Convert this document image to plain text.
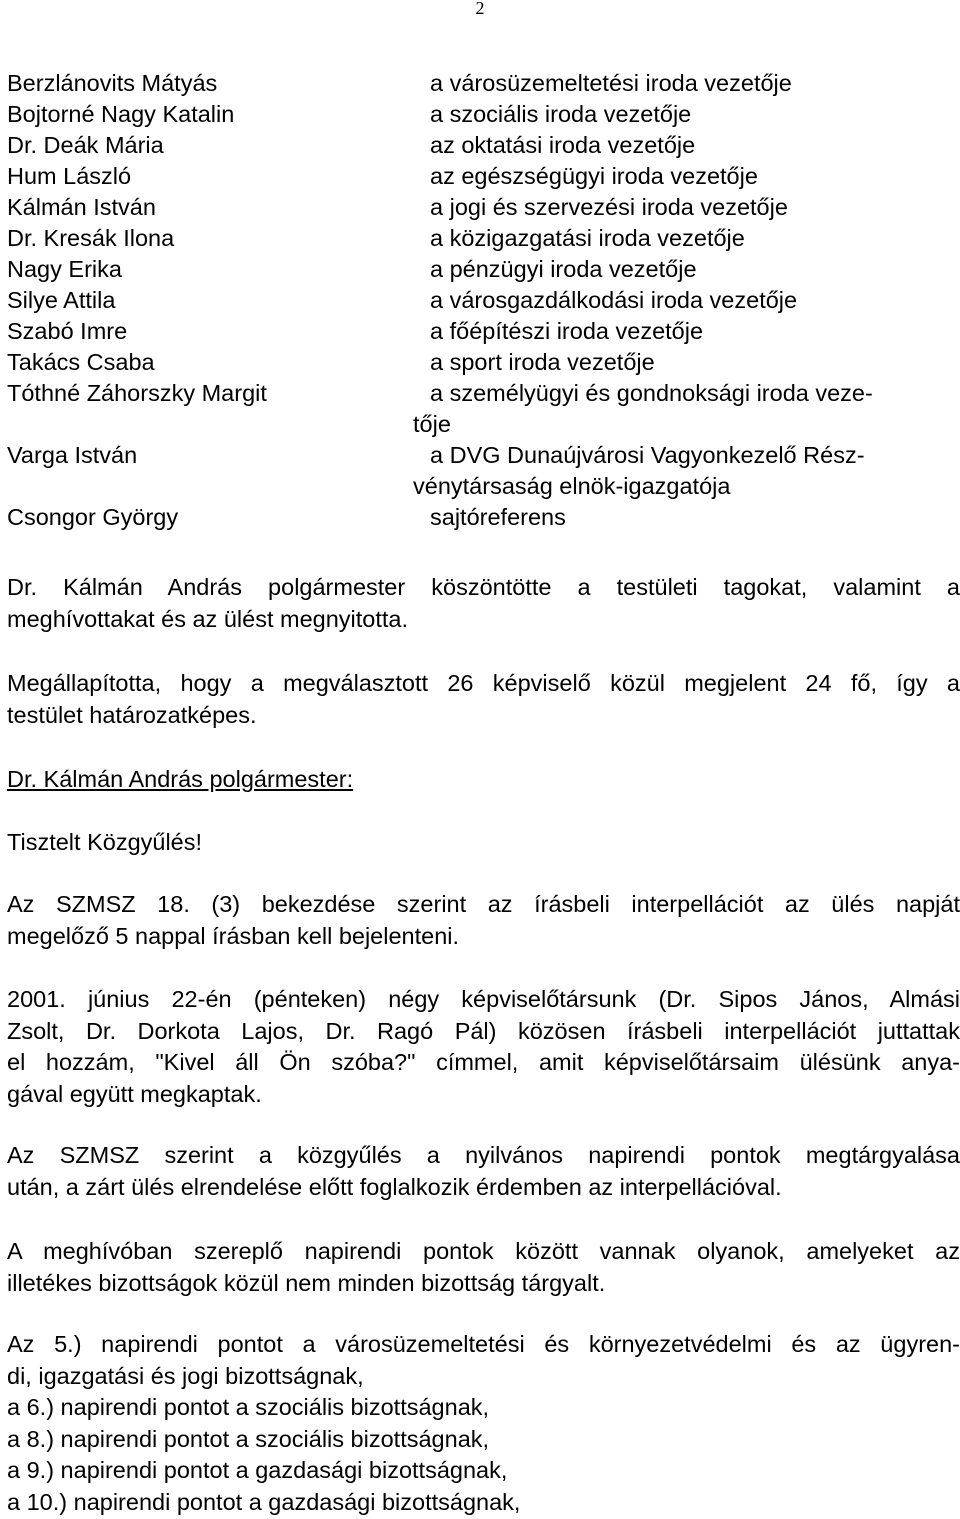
2
Berzlánovits Mátyás	a városüzemeltetési iroda vezetője
Bojtorné Nagy Katalin	a szociális iroda vezetője
Dr. Deák Mária	az oktatási iroda vezetője
Hum László	az egészségügyi iroda vezetője
Kálmán István	a jogi és szervezési iroda vezetője
Dr. Kresák Ilona	a közigazgatási iroda vezetője
Nagy Erika	a pénzügyi iroda vezetője
Silye Attila	a városgazdálkodási iroda vezetője
Szabó Imre	a főépítészi iroda vezetője
Takács Csaba	a sport iroda vezetője
Tóthné Záhorszky Margit	a személyügyi és gondnoksági iroda veze-
tője
Varga István	a DVG Dunaújvárosi Vagyonkezelő Rész-
vénytársaság elnök-igazgatója
Csongor György	sajtóreferens
Dr. Kálmán András polgármester köszöntötte a testületi tagokat, valamint a
meghívottakat és az ülést megnyitotta.
Megállapította, hogy a megválasztott 26 képviselő közül megjelent 24 fő, így a
testület határozatképes.
Dr. Kálmán András polgármester:
Tisztelt Közgyűlés!
Az SZMSZ 18. (3) bekezdése szerint az írásbeli interpellációt az ülés napját
megelőző 5 nappal írásban kell bejelenteni.
2001. június 22-én (pénteken) négy képviselőtársunk (Dr. Sipos János, Almási
Zsolt, Dr. Dorkota Lajos, Dr. Ragó Pál) közösen írásbeli interpellációt juttattak
el hozzám, "Kivel áll Ön szóba?" címmel, amit képviselőtársaim ülésünk anya-
gával együtt megkaptak.
Az SZMSZ szerint a közgyűlés a nyilvános napirendi pontok megtárgyalása
után, a zárt ülés elrendelése előtt foglalkozik érdemben az interpellációval.
A meghívóban szereplő napirendi pontok között vannak olyanok, amelyeket az
illetékes bizottságok közül nem minden bizottság tárgyalt.
Az 5.) napirendi pontot a városüzemeltetési és környezetvédelmi és az ügyren-
di, igazgatási és jogi bizottságnak,
a 6.) napirendi pontot a szociális bizottságnak,
a 8.) napirendi pontot a szociális bizottságnak,
a 9.) napirendi pontot a gazdasági bizottságnak,
a 10.) napirendi pontot a gazdasági bizottságnak,
